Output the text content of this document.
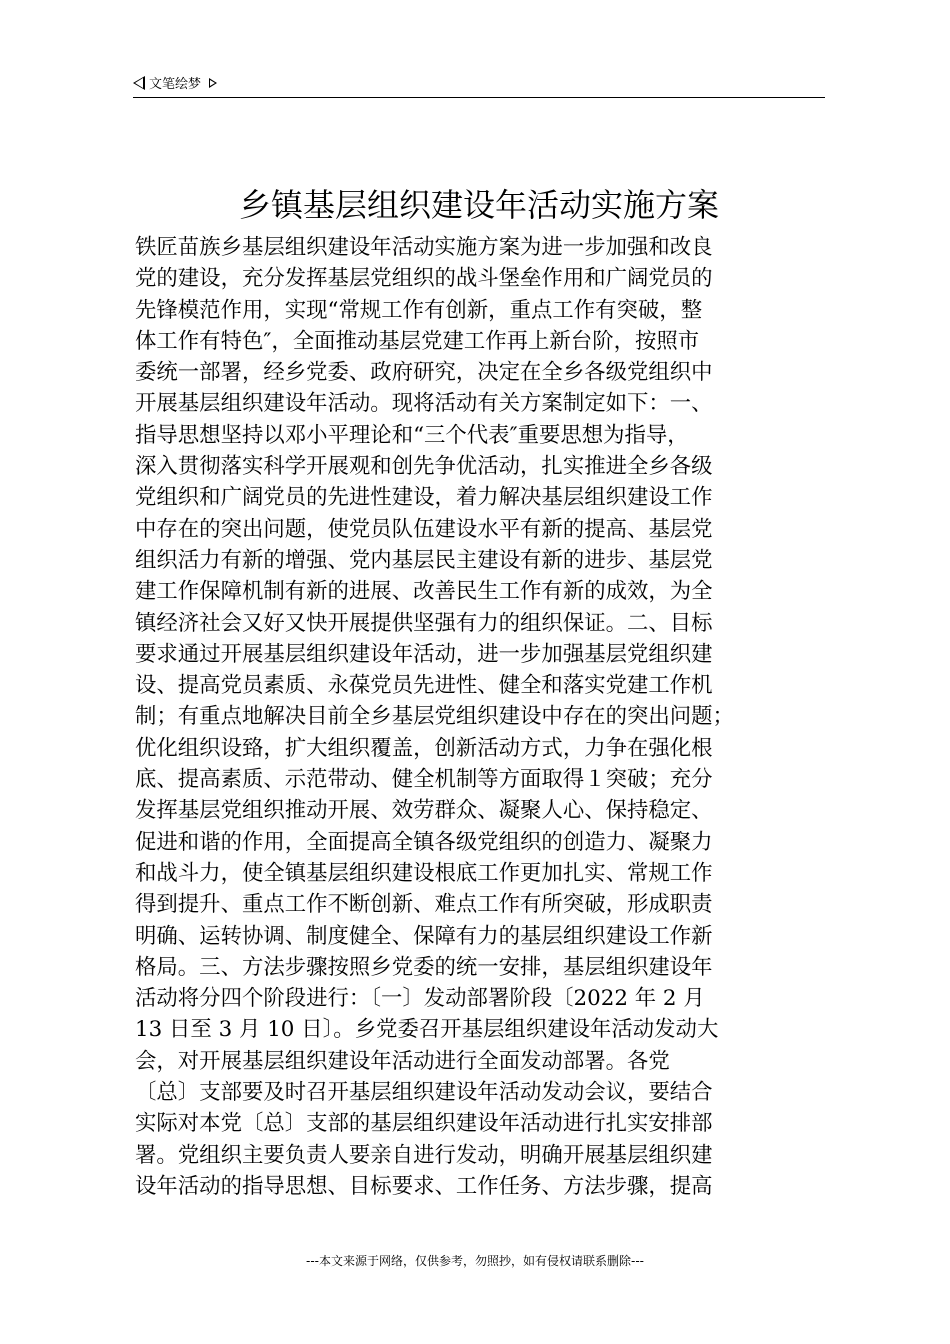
文笔绘梦
乡镇基层组织建设年活动实施方案
铁匠苗族乡基层组织建设年活动实施方案为进一步加强和改良
党的建设，充分发挥基层党组织的战斗堡垒作用和广阔党员的
先锋模范作用，实现“常规工作有创新，重点工作有突破，整
体工作有特色″，全面推动基层党建工作再上新台阶，按照市
委统一部署，经乡党委、政府研究，决定在全乡各级党组织中
开展基层组织建设年活动。现将活动有关方案制定如下：一、
指导思想坚持以邓小平理论和“三个代表″重要思想为指导，
深入贯彻落实科学开展观和创先争优活动，扎实推进全乡各级
党组织和广阔党员的先进性建设，着力解决基层组织建设工作
中存在的突出问题，使党员队伍建设水平有新的提高、基层党
组织活力有新的增强、党内基层民主建设有新的进步、基层党
建工作保障机制有新的进展、改善民生工作有新的成效，为全
镇经济社会又好又快开展提供坚强有力的组织保证。二、目标
要求通过开展基层组织建设年活动，进一步加强基层党组织建
设、提高党员素质、永葆党员先进性、健全和落实党建工作机
制；有重点地解决目前全乡基层党组织建设中存在的突出问题；
优化组织设臵，扩大组织覆盖，创新活动方式，力争在强化根
底、提高素质、示范带动、健全机制等方面取得１突破；充分
发挥基层党组织推动开展、效劳群众、凝聚人心、保持稳定、
促进和谐的作用，全面提高全镇各级党组织的创造力、凝聚力
和战斗力，使全镇基层组织建设根底工作更加扎实、常规工作
得到提升、重点工作不断创新、难点工作有所突破，形成职责
明确、运转协调、制度健全、保障有力的基层组织建设工作新
格局。三、方法步骤按照乡党委的统一安排，基层组织建设年
活动将分四个阶段进行：〔一〕发动部署阶段〔2022 年 2 月
13 日至 3 月 10 日〕。乡党委召开基层组织建设年活动发动大
会，对开展基层组织建设年活动进行全面发动部署。各党
〔总〕支部要及时召开基层组织建设年活动发动会议，要结合
实际对本党〔总〕支部的基层组织建设年活动进行扎实安排部
署。党组织主要负责人要亲自进行发动，明确开展基层组织建
设年活动的指导思想、目标要求、工作任务、方法步骤，提高
---本文来源于网络，仅供参考，勿照抄，如有侵权请联系删除---
